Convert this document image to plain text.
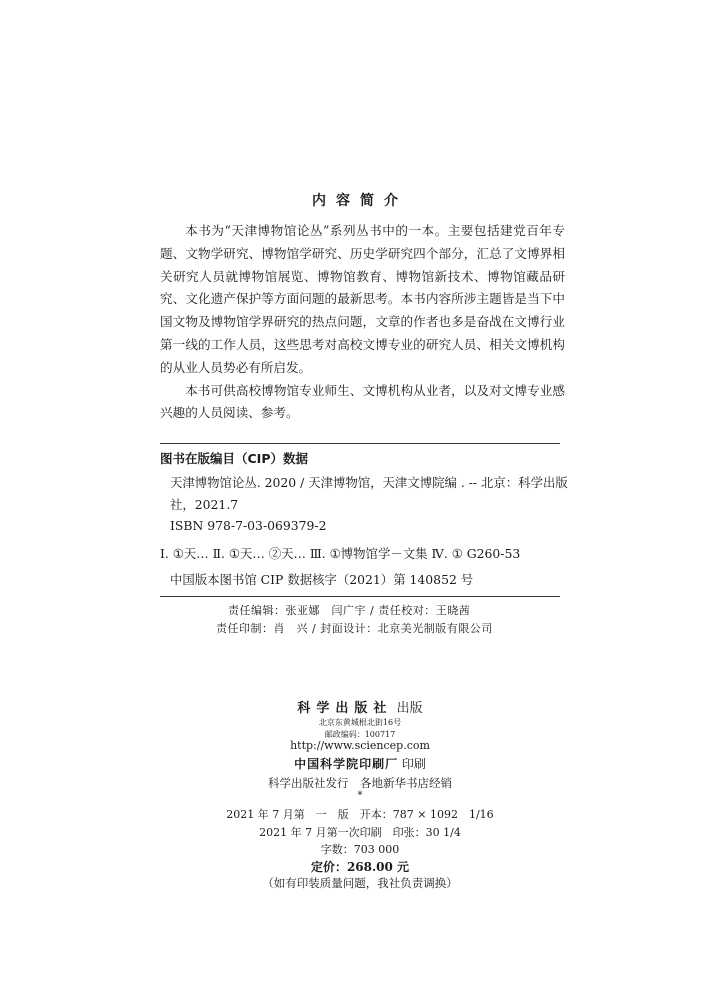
内容简介

本书为“天津博物馆论丛”系列丛书中的一本。主要包括建党百年专题、文物学研究、博物馆学研究、历史学研究四个部分，汇总了文博界相关研究人员就博物馆展览、博物馆教育、博物馆新技术、博物馆藏品研究、文化遗产保护等方面问题的最新思考。本书内容所涉主题皆是当下中国文物及博物馆学界研究的热点问题，文章的作者也多是奋战在文博行业第一线的工作人员，这些思考对高校文博专业的研究人员、相关文博机构的从业人员势必有所启发。

本书可供高校博物馆专业师生、文博机构从业者，以及对文博专业感兴趣的人员阅读、参考。

图书在版编目（CIP）数据
天津博物馆论丛. 2020 / 天津博物馆，天津文博院编 . -- 北京：科学出版
社，2021.7
ISBN 978-7-03-069379-2
Ⅰ. ①天… Ⅱ. ①天… ②天… Ⅲ. ①博物馆学－文集 Ⅳ. ① G260-53
中国版本图书馆 CIP 数据核字（2021）第 140852 号
责任编辑：张亚娜　闫广宇 / 责任校对：王晓茜
责任印制：肖　兴 / 封面设计：北京美光制版有限公司
科学出版社 出版
北京东黄城根北街16号
邮政编码：100717
http://www.sciencep.com
中国科学院印刷厂 印刷
科学出版社发行　各地新华书店经销
*
2021 年 7 月第　一　版　开本：787 × 1092　1/16
2021 年 7 月第一次印刷　印张：30 1/4
字数：703 000
定价：268.00 元
（如有印装质量问题，我社负责调换）
